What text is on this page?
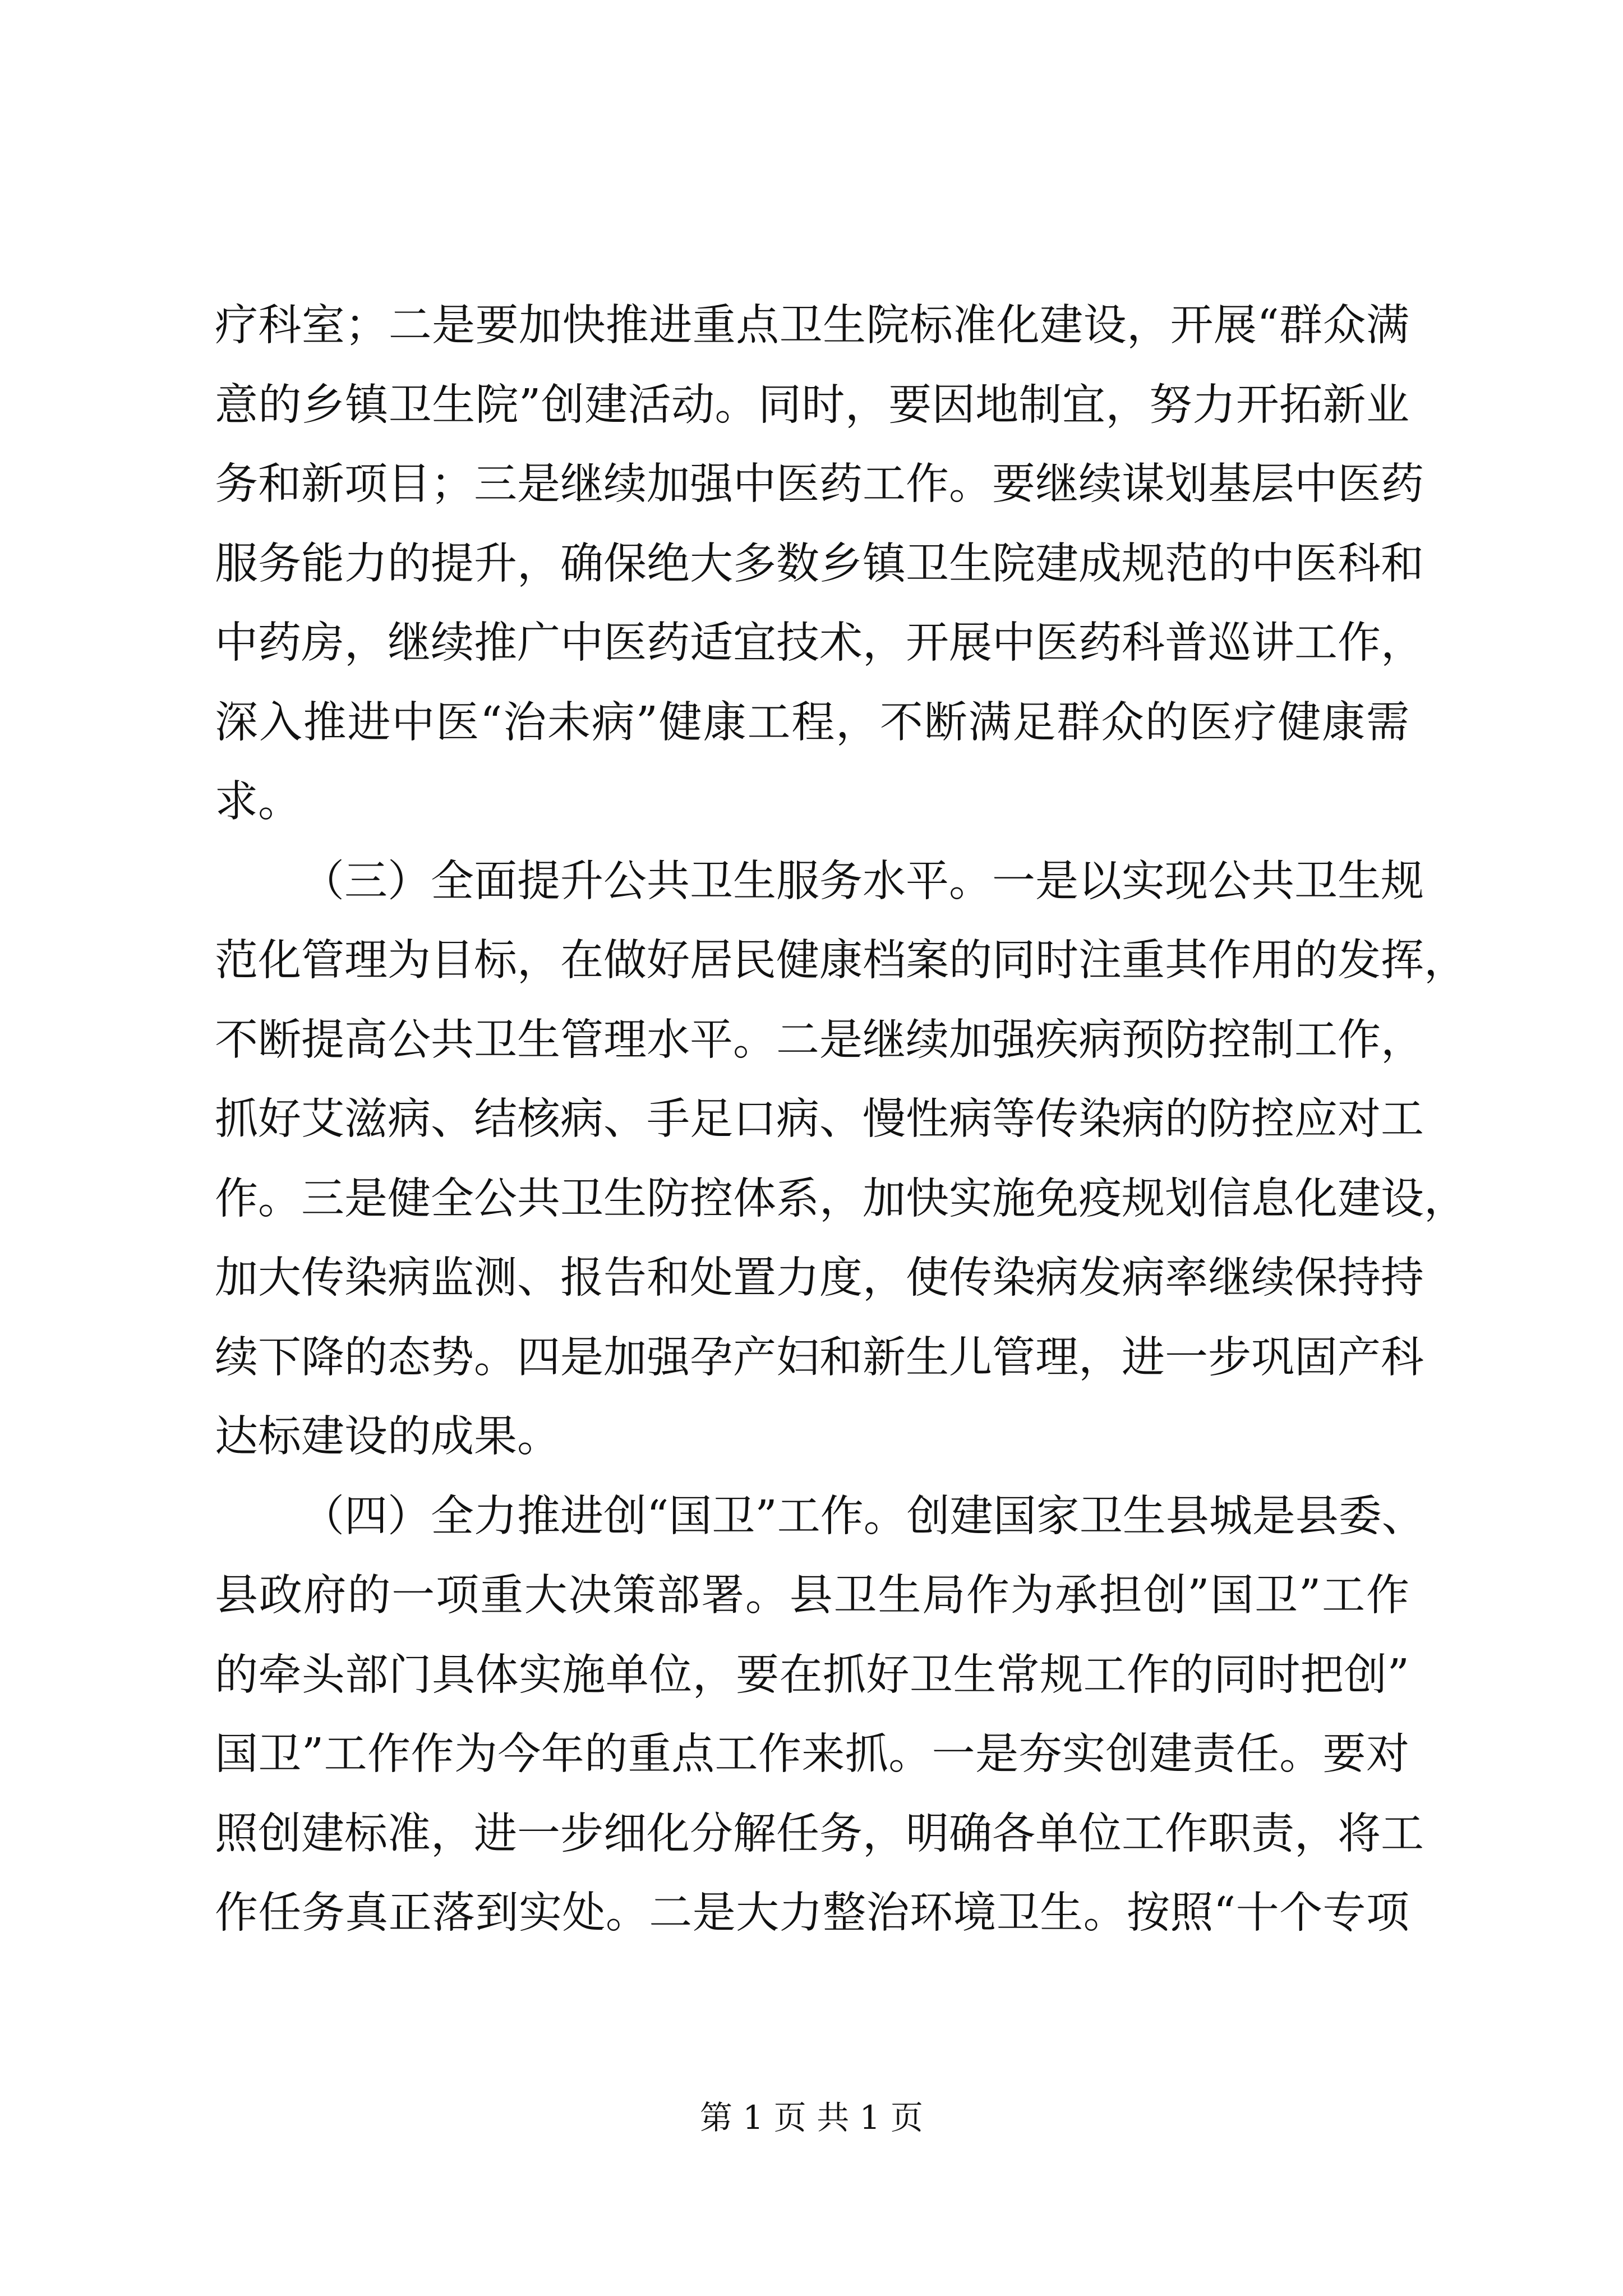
疗科室；二是要加快推进重点卫生院标准化建设，开展“群众满
意的乡镇卫生院”创建活动。同时，要因地制宜，努力开拓新业
务和新项目；三是继续加强中医药工作。要继续谋划基层中医药
服务能力的提升，确保绝大多数乡镇卫生院建成规范的中医科和
中药房，继续推广中医药适宜技术，开展中医药科普巡讲工作，
深入推进中医“治未病”健康工程，不断满足群众的医疗健康需
求。
（三）全面提升公共卫生服务水平。一是以实现公共卫生规
范化管理为目标，在做好居民健康档案的同时注重其作用的发挥，
不断提高公共卫生管理水平。二是继续加强疾病预防控制工作，
抓好艾滋病、结核病、手足口病、慢性病等传染病的防控应对工
作。三是健全公共卫生防控体系，加快实施免疫规划信息化建设，
加大传染病监测、报告和处置力度，使传染病发病率继续保持持
续下降的态势。四是加强孕产妇和新生儿管理，进一步巩固产科
达标建设的成果。
（四）全力推进创“国卫”工作。创建国家卫生县城是县委、
县政府的一项重大决策部署。县卫生局作为承担创”国卫”工作
的牵头部门具体实施单位，要在抓好卫生常规工作的同时把创”
国卫”工作作为今年的重点工作来抓。一是夯实创建责任。要对
照创建标准，进一步细化分解任务，明确各单位工作职责，将工
作任务真正落到实处。二是大力整治环境卫生。按照“十个专项
第 1 页 共 1 页
